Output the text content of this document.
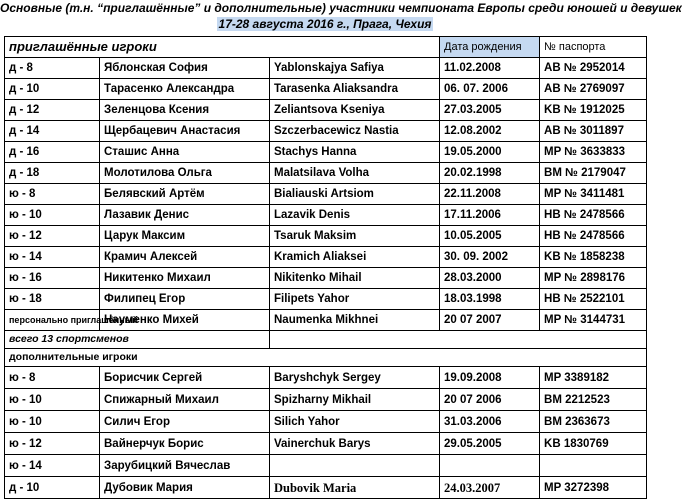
Основные (т.н. “приглашённые” и дополнительные) участники чемпионата Европы среди юношей и девушек
17-28 августа 2016 г., Прага, Чехия
приглашённые игроки			Дата рождения	№ паспорта
д - 8	Яблонская София	Yablonskajya Safiya	11.02.2008	AB № 2952014
д - 10	Тарасенко Александра	Tarasenka Aliaksandra	06. 07. 2006	AB № 2769097
д - 12	Зеленцова Ксения	Zeliantsova Kseniya	27.03.2005	KB № 1912025
д - 14	Щербацевич Анастасия	Szczerbacewicz Nastia	12.08.2002	AB № 3011897
д - 16	Сташис Анна	Stachys Hanna	19.05.2000	MP № 3633833
д - 18	Молотилова Ольга	Malatsilava Volha	20.02.1998	BM № 2179047
ю - 8	Белявский Артём	Bialiauski Artsiom	22.11.2008	MP № 3411481
ю - 10	Лазавик Денис	Lazavik Denis	17.11.2006	HB № 2478566
ю - 12	Царук Максим	Tsaruk Maksim	10.05.2005	HB № 2478566
ю - 14	Крамич Алексей	Kramich Aliaksei	30. 09. 2002	KB № 1858238
ю - 16	Никитенко Михаил	Nikitenko Mihail	28.03.2000	MP № 2898176
ю - 18	Филипец Егор	Filipets Yahor	18.03.1998	HB № 2522101
персонально приглашённый	Науменко Михей	Naumenka Mikhnei	20 07 2007	MP № 3144731
всего 13 спортсменов				
дополнительные игроки				
ю - 8	Борисчик Сергей	Baryshchyk Sergey	19.09.2008	MP 3389182
ю - 10	Спижарный Михаил	Spizharny Mikhail	20 07 2006	BM 2212523
ю - 10	Силич Егор	Silich Yahor	31.03.2006	BM 2363673
ю - 12	Вайнерчук Борис	Vainerchuk Barys	29.05.2005	KB 1830769
ю - 14	Зарубицкий Вячеслав			
д - 10	Дубовик Мария	Dubovik Maria	24.03.2007	MP 3272398
